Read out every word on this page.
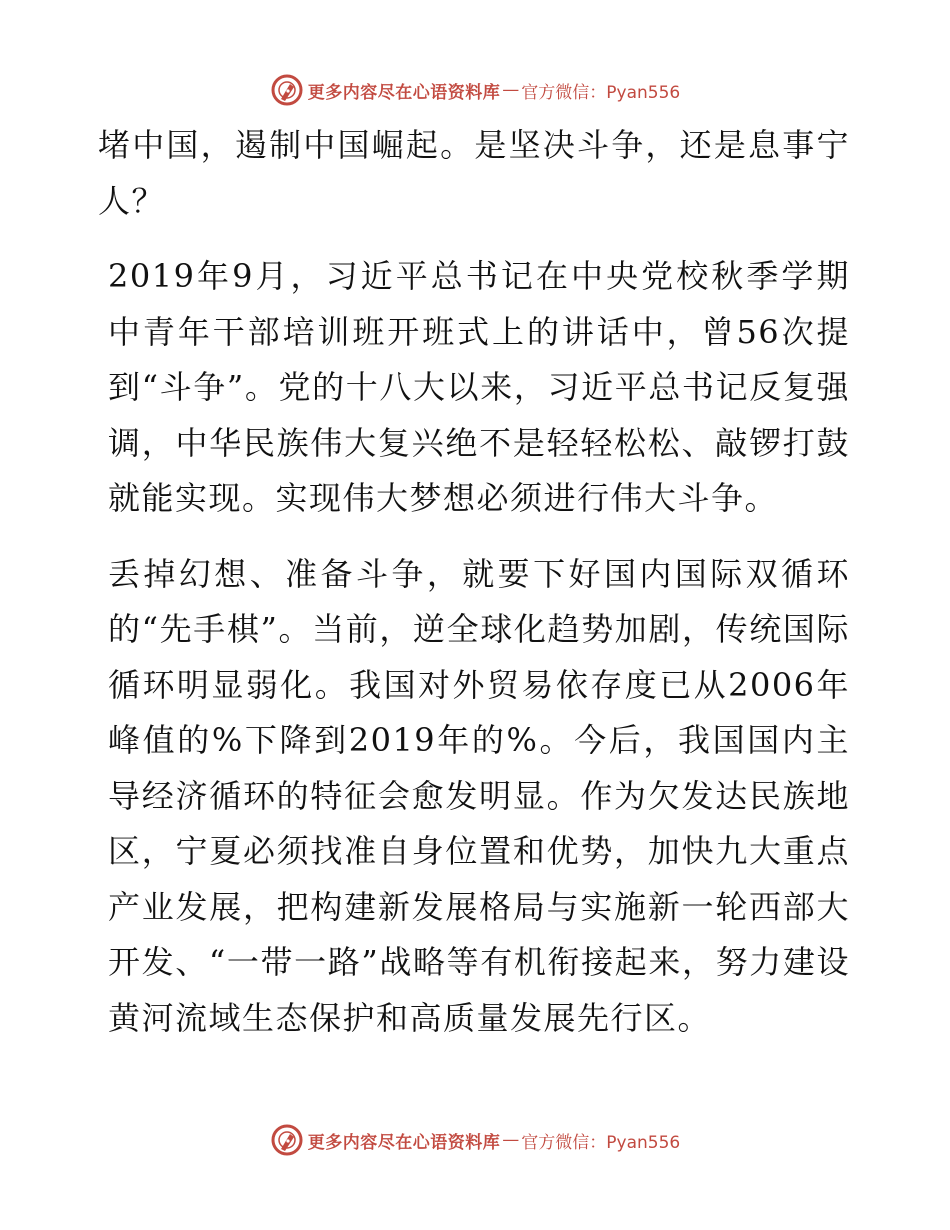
更多内容尽在心语资料库 — 官方微信：Pyan556

堵中国，遏制中国崛起。是坚决斗争，还是息事宁人？

2019年9月，习近平总书记在中央党校秋季学期中青年干部培训班开班式上的讲话中，曾56次提到“斗争”。党的十八大以来，习近平总书记反复强调，中华民族伟大复兴绝不是轻轻松松、敲锣打鼓就能实现。实现伟大梦想必须进行伟大斗争。

丢掉幻想、准备斗争，就要下好国内国际双循环的“先手棋”。当前，逆全球化趋势加剧，传统国际循环明显弱化。我国对外贸易依存度已从2006年峰值的%下降到2019年的%。今后，我国国内主导经济循环的特征会愈发明显。作为欠发达民族地区，宁夏必须找准自身位置和优势，加快九大重点产业发展，把构建新发展格局与实施新一轮西部大开发、“一带一路”战略等有机衔接起来，努力建设黄河流域生态保护和高质量发展先行区。

更多内容尽在心语资料库 — 官方微信：Pyan556
